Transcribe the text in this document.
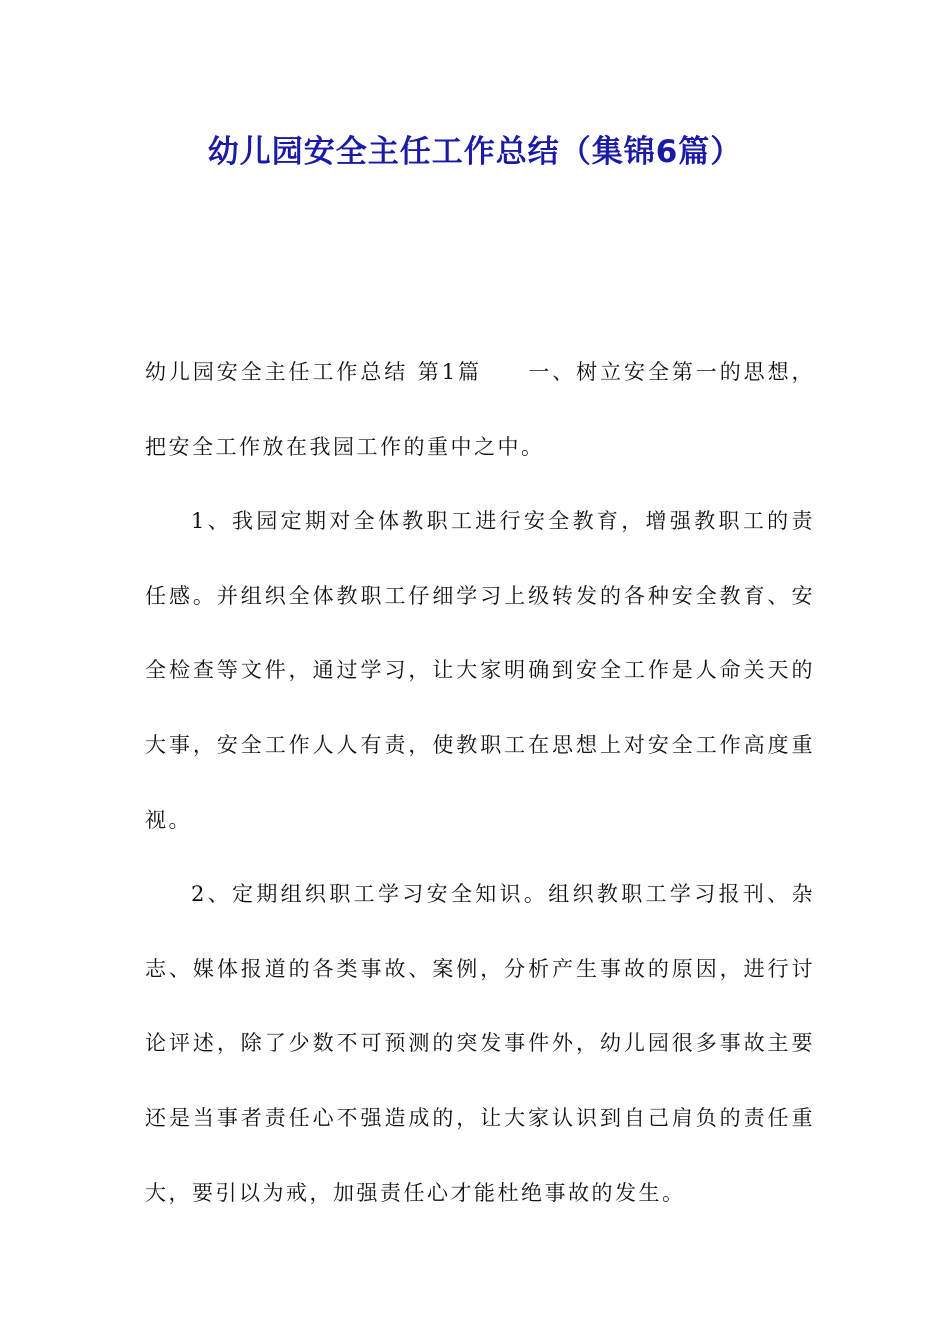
幼儿园安全主任工作总结（集锦6篇）

幼儿园安全主任工作总结 第1篇 一、树立安全第一的思想，把安全工作放在我园工作的重中之中。

1、我园定期对全体教职工进行安全教育，增强教职工的责任感。并组织全体教职工仔细学习上级转发的各种安全教育、安全检查等文件，通过学习，让大家明确到安全工作是人命关天的大事，安全工作人人有责，使教职工在思想上对安全工作高度重视。

2、定期组织职工学习安全知识。组织教职工学习报刊、杂志、媒体报道的各类事故、案例，分析产生事故的原因，进行讨论评述，除了少数不可预测的突发事件外，幼儿园很多事故主要还是当事者责任心不强造成的，让大家认识到自己肩负的责任重大，要引以为戒，加强责任心才能杜绝事故的发生。
